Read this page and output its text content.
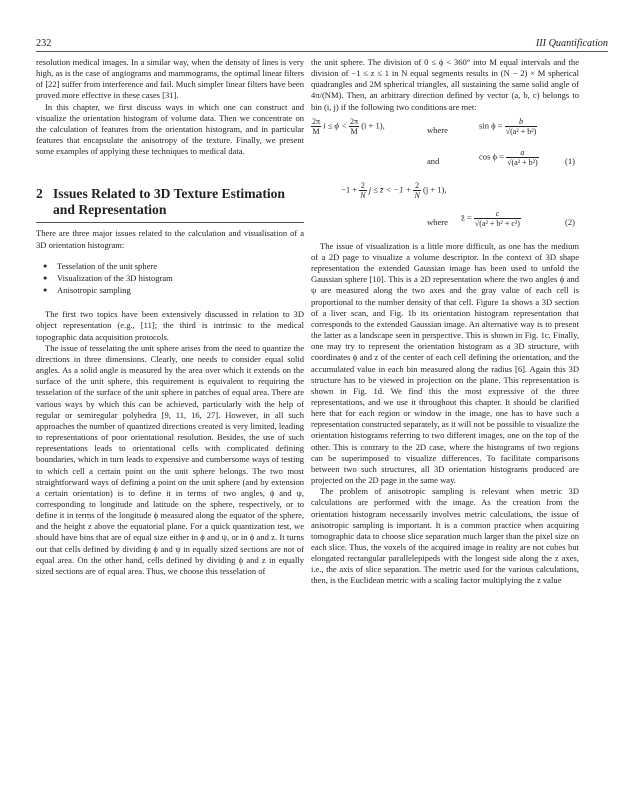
232	III Quantification

resolution medical images. In a similar way, when the density of lines is very high, as is the case of angiograms and mammograms, the optimal linear filters of [22] suffer from interference and fail. Much simpler linear filters have been proved more effective in these cases [31].

In this chapter, we first discuss ways in which one can construct and visualize the orientation histogram of volume data. Then we concentrate on the calculation of features from the orientation histogram, and in particular features that encapsulate the anisotropy of the texture. Finally, we present some examples of applying these techniques to medical data.

2 Issues Related to 3D Texture Estimation
and Representation

There are three major issues related to the calculation and visualisation of a 3D orientation histogram:

● Tesselation of the unit sphere
● Visualization of the 3D histogram
● Anisotropic sampling

The first two topics have been extensively discussed in relation to 3D object representation (e.g., [11]; the third is intrinsic to the medical topographic data acquisition protocols.

The issue of tesselating the unit sphere arises from the need to quantize the directions in three dimensions. Clearly, one needs to consider equal solid angles. As a solid angle is measured by the area over which it extends on the surface of the unit sphere, this requirement is equivalent to requiring the tesselation of the surface of the unit sphere in patches of equal area. There are various ways by which this can be achieved, particularly with the help of regular or semiregular polyhedra [9, 11, 16, 27]. However, in all such approaches the number of quantized directions created is very limited, leading to representations of poor orientational resolution. Besides, the use of such representations leads to orientational cells with complicated defining boundaries, which in turn leads to expensive and cumbersome ways of testing to which cell a certain point on the unit sphere belongs. The two most straightforward ways of defining a point on the unit sphere (and by extension a certain orientation) is to define it in terms of two angles, ϕ and ψ, corresponding to longitude and latitude on the sphere, respectively, or to define it in terms of the longitude ϕ measured along the equator of the sphere, and the height z above the equatorial plane. For a quick quantization test, we should have bins that are of equal size either in ϕ and ψ, or in ϕ and z. It turns out that cells defined by dividing ϕ and ψ in equally sized sections are not of equal area. On the other hand, cells defined by dividing ϕ and z in equally sized sections are of equal area. Thus, we choose this tesselation of

the unit sphere. The division of 0 ≤ ϕ < 360° into M equal intervals and the division of −1 ≤ z ≤ 1 in N equal segments results in (N − 2) × M spherical quadrangles and 2M spherical triangles, all sustaining the same solid angle of 4π/(NM). Then, an arbitrary direction defined by vector (a, b, c) belongs to bin (i, j) if the following two conditions are met:

$\frac{2\pi}{M}$ $i \le \phi < \frac{2\pi}{M} (i + 1)$,	where	$\sin \phi = \frac{b}{\text{√(a² + b²)}}$
and	$\cos \phi = \frac{a}{\text{√(a² + b²)}}$	(1)
$-1 + \frac{2}{N}$ j ≤ z̄ < $-1 + \frac{2}{N} (j + 1)$,
where z̄ = $\frac{c}{\text{√(a² + b² + c²)}}$	(2)

The issue of visualization is a little more difficult, as one has the medium of a 2D page to visualize a volume descriptor. In the context of 3D shape representation the extended Gaussian image has been used to unfold the Gaussian sphere [10]. This is a 2D representation where the two angles ϕ and ψ are measured along the two axes and the gray value of each cell is proportional to the number density of that cell. Figure 1a shows a 3D section of a liver scan, and Fig. 1b its orientation histogram representation that corresponds to the extended Gaussian image. An alternative way is to present the latter as a landscape seen in perspective. This is shown in Fig. 1c. Finally, one may try to represent the orientation histogram as a 3D structure, with coordinates ϕ and z of the center of each cell defining the orientation, and the accumulated value in each bin measured along the radius [6]. Again this 3D structure has to be viewed in projection on the plane. This representation is shown in Fig. 1d. We find this the most expressive of the three representations, and we use it throughout this chapter. It should be clarified here that for each region or window in the image, one has to have such a representation constructed separately, as it will not be possible to visualize the orientation histograms referring to two different images, one on the top of the other. This is contrary to the 2D case, where the histograms of two regions can be superimposed to visualize differences. To facilitate comparisons between two such structures, all 3D orientation histograms produced are projected on the 2D page in the same way.

The problem of anisotropic sampling is relevant when metric 3D calculations are performed with the image. As the creation from the orientation histogram necessarily involves metric calculations, the issue of anisotropic sampling is important. It is a common practice when acquiring tomographic data to choose slice separation much larger than the pixel size on each slice. Thus, the voxels of the acquired image in reality are not cubes but elongated rectangular parallelepipeds with the longest side along the z axes, i.e., the axis of slice separation. The metric used for the various calculations, then, is the Euclidean metric with a scaling factor multiplying the z value
